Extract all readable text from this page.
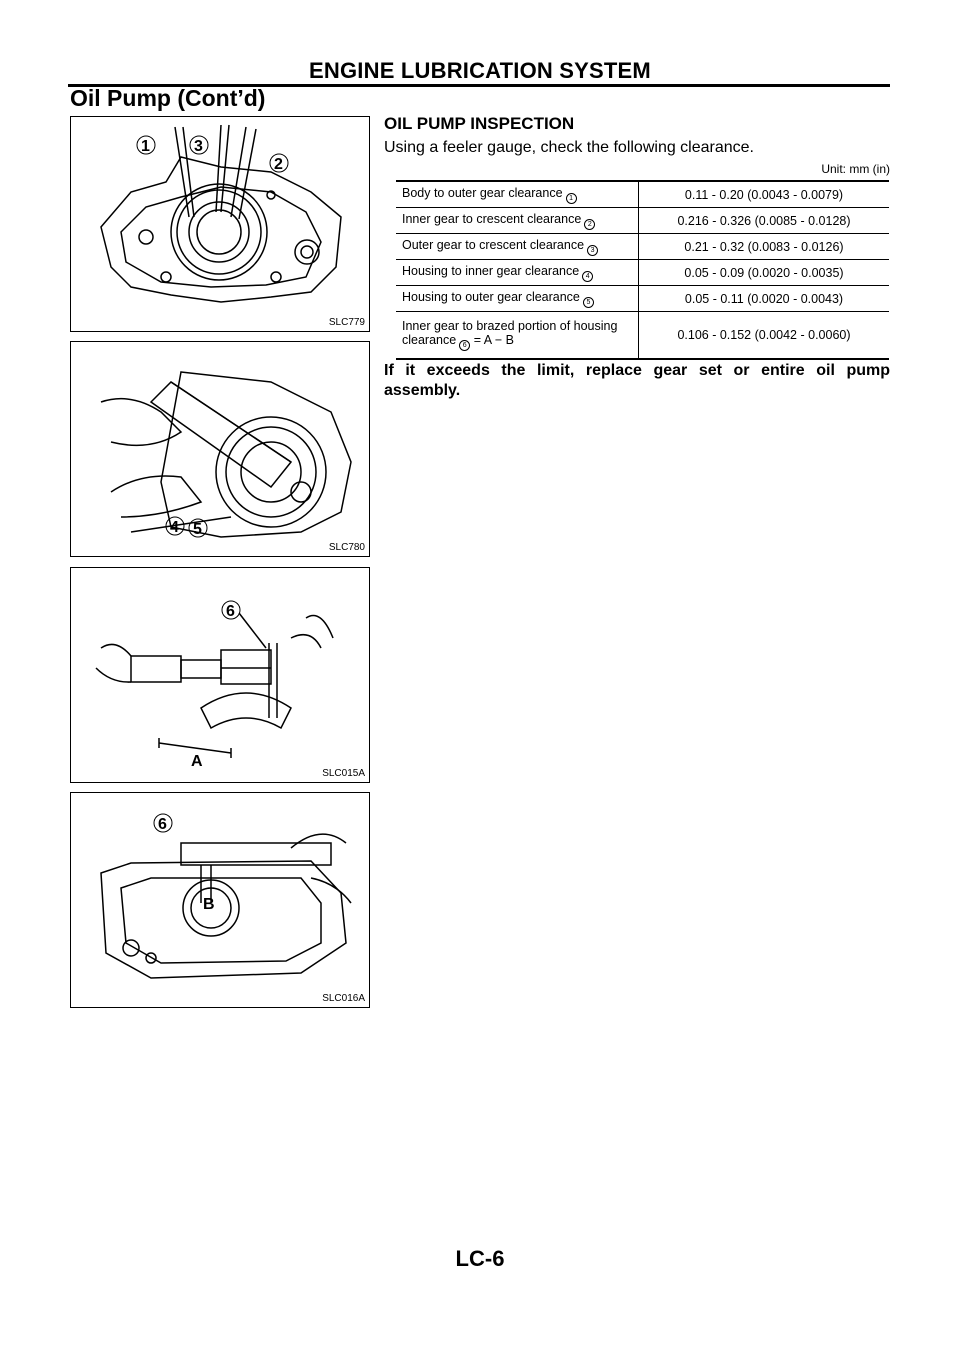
ENGINE LUBRICATION SYSTEM
Oil Pump (Cont’d)
1	3
2
SLC779
4 5
SLC780
6
A
SLC015A
6
B
SLC016A
OIL PUMP INSPECTION
Using a feeler gauge, check the following clearance.
Unit: mm (in)
Body to outer gear clearance 1	0.11 - 0.20 (0.0043 - 0.0079)
Inner gear to crescent clearance 2	0.216 - 0.326 (0.0085 - 0.0128)
Outer gear to crescent clearance 3	0.21 - 0.32 (0.0083 - 0.0126)
Housing to inner gear clearance 4	0.05 - 0.09 (0.0020 - 0.0035)
Housing to outer gear clearance 5	0.05 - 0.11 (0.0020 - 0.0043)
Inner gear to brazed portion of housing
clearance 6 = A − B	0.106 - 0.152 (0.0042 - 0.0060)
If it exceeds the limit, replace gear set or entire oil pump assembly.
LC-6
